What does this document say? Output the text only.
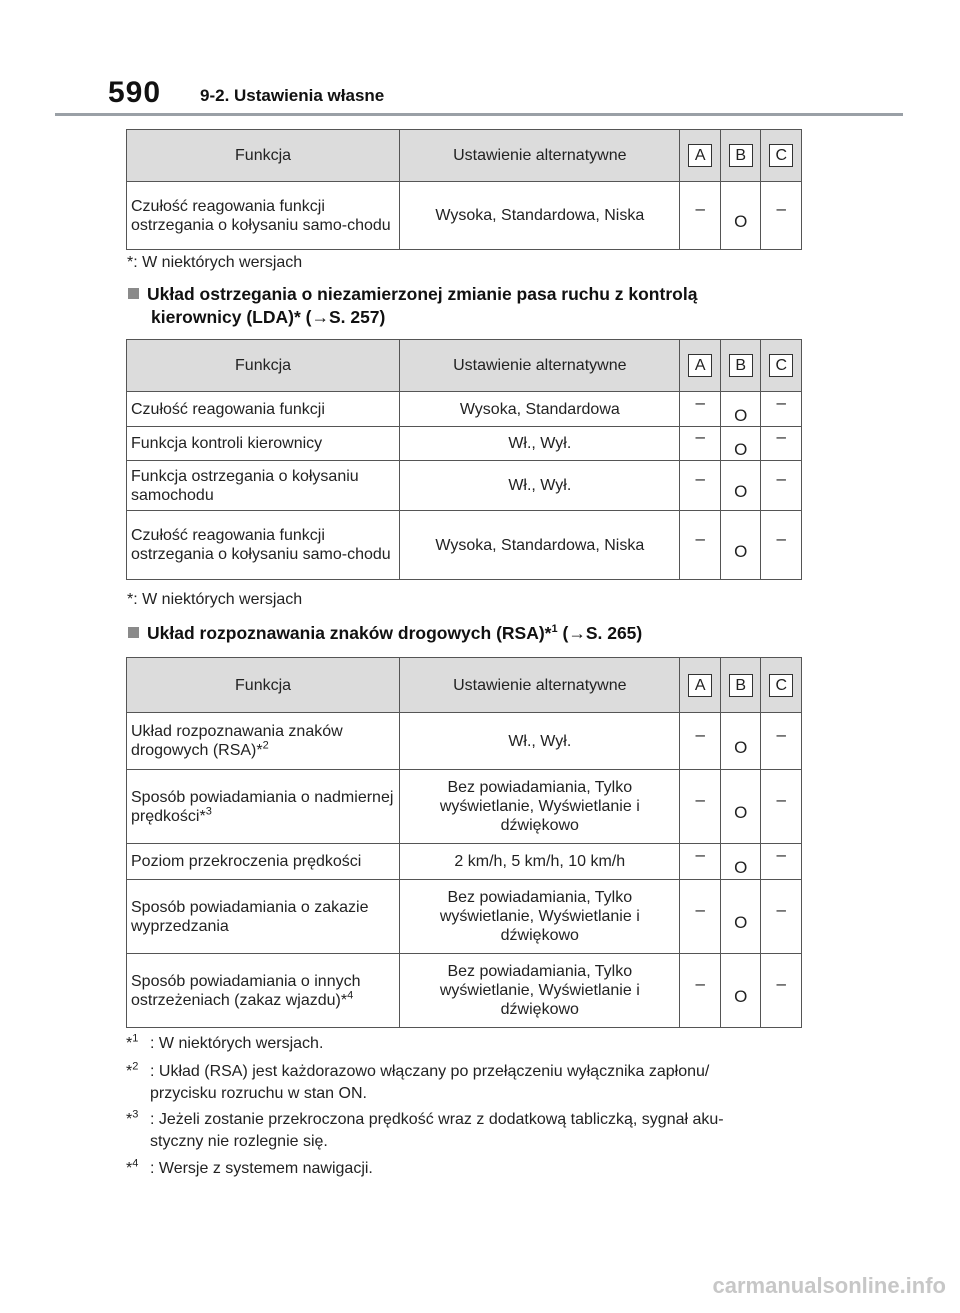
590 9-2. Ustawienia własne
Funkcja	Ustawienie alternatywne	A	B	C
Czułość reagowania funkcji ostrzegania o kołysaniu samo-chodu	Wysoka, Standardowa, Niska	–	O	–
*: W niektórych wersjach
Układ ostrzegania o niezamierzonej zmianie pasa ruchu z kontrolą
kierownicy (LDA)* (→S. 257)
Funkcja	Ustawienie alternatywne	A	B	C
Czułość reagowania funkcji	Wysoka, Standardowa	–	O	–
Funkcja kontroli kierownicy	Wł., Wył.	–	O	–
Funkcja ostrzegania o kołysaniu samochodu	Wł., Wył.	–	O	–
Czułość reagowania funkcji ostrzegania o kołysaniu samo-chodu	Wysoka, Standardowa, Niska	–	O	–
*: W niektórych wersjach
Układ rozpoznawania znaków drogowych (RSA)*$^1$ (→S. 265)
Funkcja	Ustawienie alternatywne	A	B	C
Układ rozpoznawania znaków drogowych (RSA)*$^2$	Wł., Wył.	–	O	–
Sposób powiadamiania o nadmiernej prędkości*$^3$	Bez powiadamiania, Tylko wyświetlanie, Wyświetlanie i dźwiękowo	–	O	–
Poziom przekroczenia prędkości	2 km/h, 5 km/h, 10 km/h	–	O	–
Sposób powiadamiania o zakazie wyprzedzania	Bez powiadamiania, Tylko wyświetlanie, Wyświetlanie i dźwiękowo	–	O	–
Sposób powiadamiania o innych ostrzeżeniach (zakaz wjazdu)*$^4$	Bez powiadamiania, Tylko wyświetlanie, Wyświetlanie i dźwiękowo	–	O	–
*$^1$ : W niektórych wersjach.
*$^2$ : Układ (RSA) jest każdorazowo włączany po przełączeniu wyłącznika zapłonu/
przycisku rozruchu w stan ON.
*$^3$ : Jeżeli zostanie przekroczona prędkość wraz z dodatkową tabliczką, sygnał aku-
styczny nie rozlegnie się.
*$^4$ : Wersje z systemem nawigacji.
carmanualsonline.info
